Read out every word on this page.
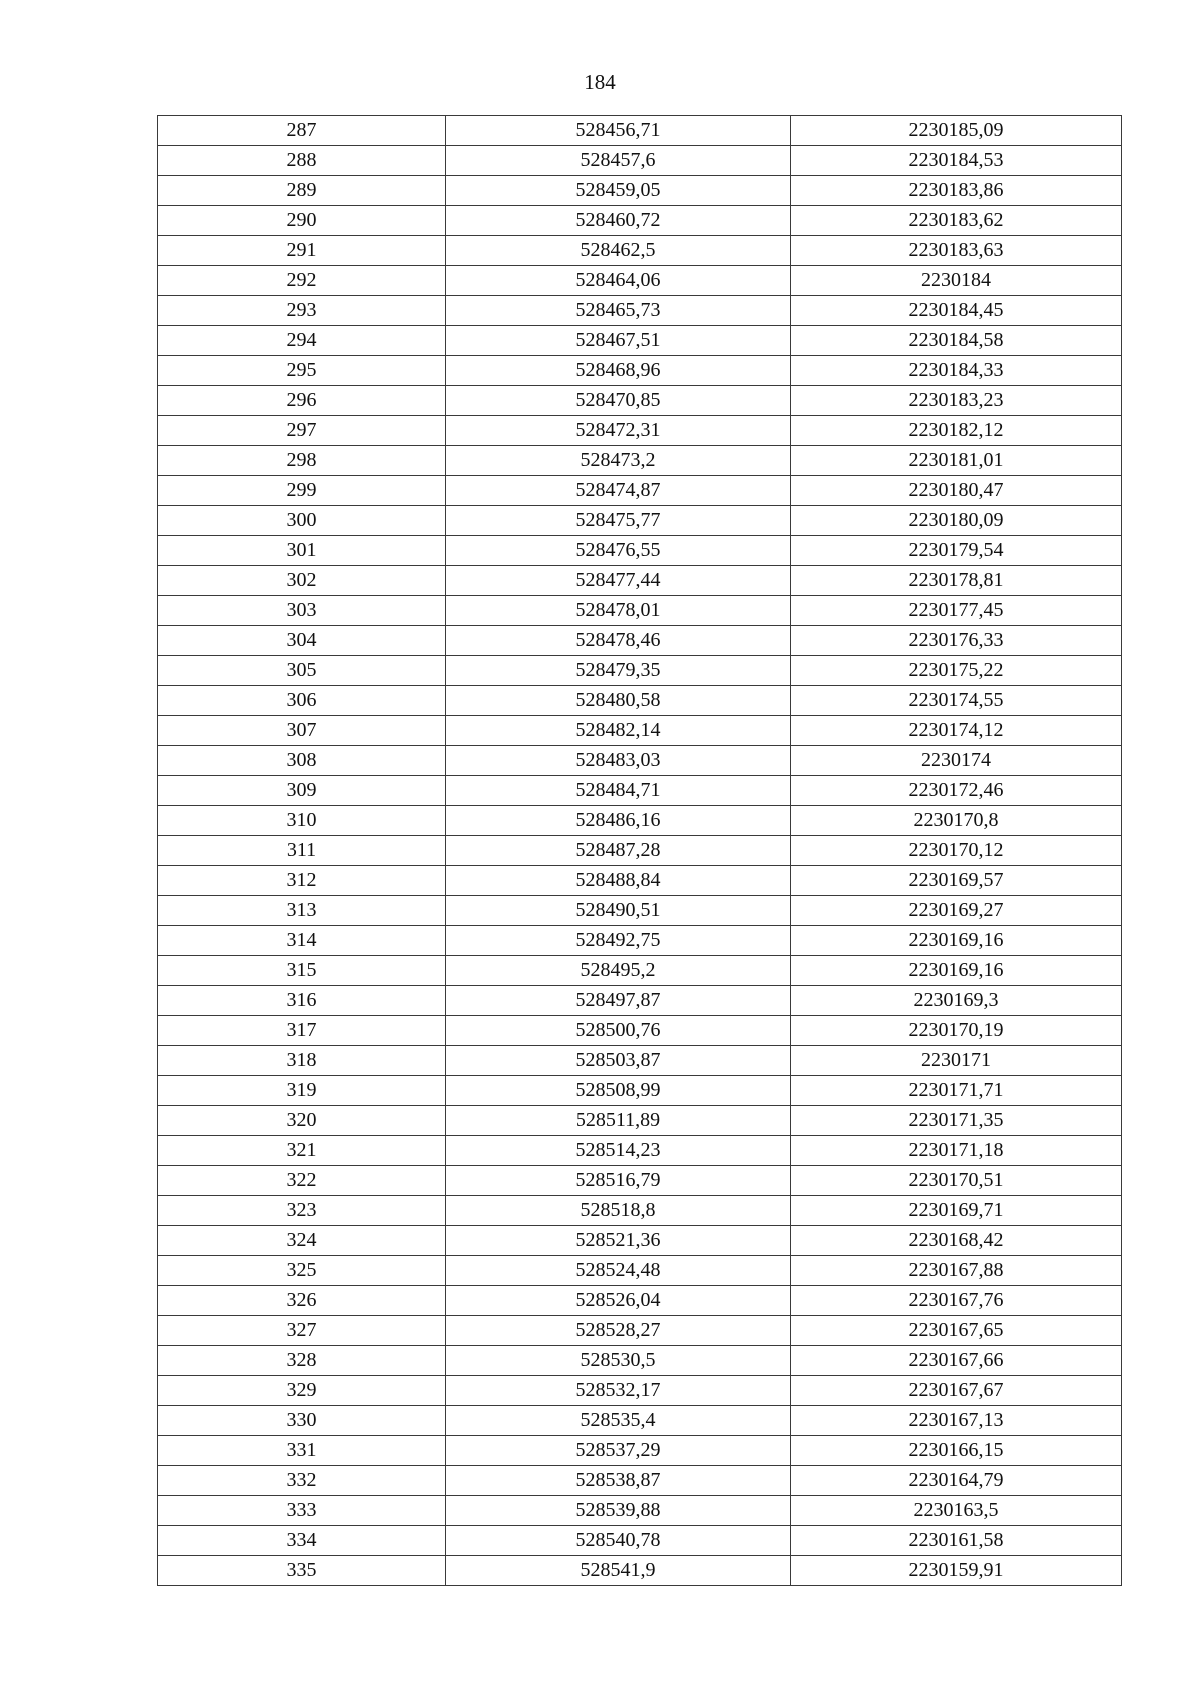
184
287	528456,71	2230185,09
288	528457,6	2230184,53
289	528459,05	2230183,86
290	528460,72	2230183,62
291	528462,5	2230183,63
292	528464,06	2230184
293	528465,73	2230184,45
294	528467,51	2230184,58
295	528468,96	2230184,33
296	528470,85	2230183,23
297	528472,31	2230182,12
298	528473,2	2230181,01
299	528474,87	2230180,47
300	528475,77	2230180,09
301	528476,55	2230179,54
302	528477,44	2230178,81
303	528478,01	2230177,45
304	528478,46	2230176,33
305	528479,35	2230175,22
306	528480,58	2230174,55
307	528482,14	2230174,12
308	528483,03	2230174
309	528484,71	2230172,46
310	528486,16	2230170,8
311	528487,28	2230170,12
312	528488,84	2230169,57
313	528490,51	2230169,27
314	528492,75	2230169,16
315	528495,2	2230169,16
316	528497,87	2230169,3
317	528500,76	2230170,19
318	528503,87	2230171
319	528508,99	2230171,71
320	528511,89	2230171,35
321	528514,23	2230171,18
322	528516,79	2230170,51
323	528518,8	2230169,71
324	528521,36	2230168,42
325	528524,48	2230167,88
326	528526,04	2230167,76
327	528528,27	2230167,65
328	528530,5	2230167,66
329	528532,17	2230167,67
330	528535,4	2230167,13
331	528537,29	2230166,15
332	528538,87	2230164,79
333	528539,88	2230163,5
334	528540,78	2230161,58
335	528541,9	2230159,91
